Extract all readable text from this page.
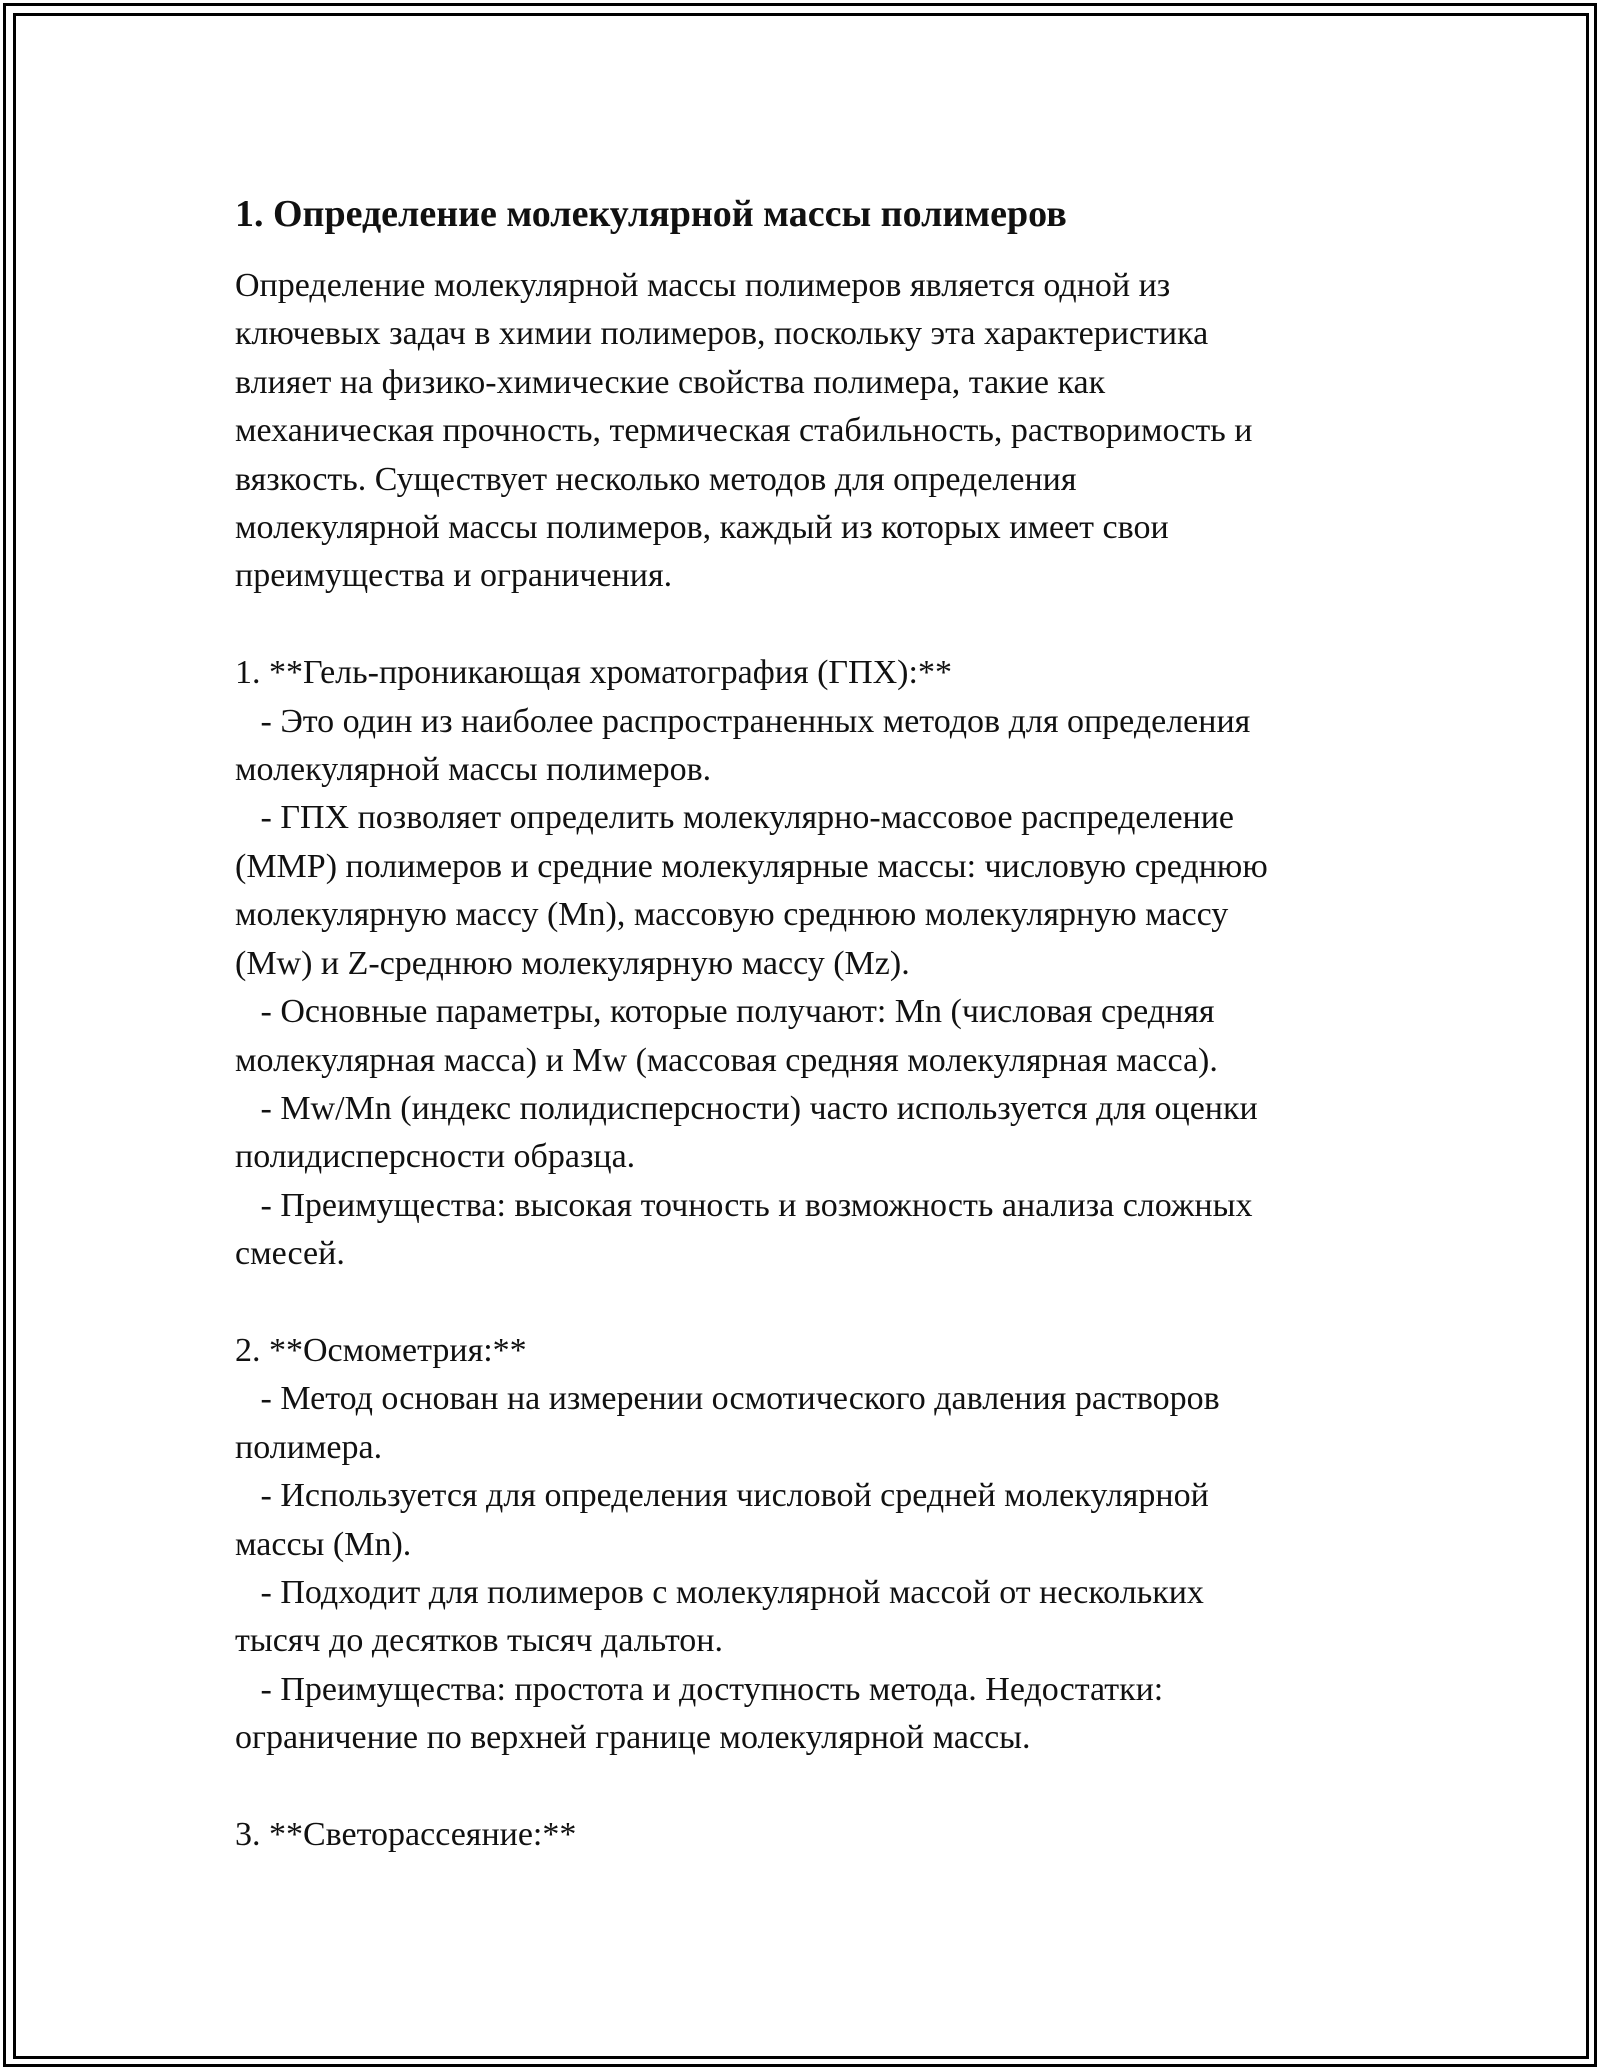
1. Определение молекулярной массы полимеров
Определение молекулярной массы полимеров является одной из
ключевых задач в химии полимеров, поскольку эта характеристика
влияет на физико-химические свойства полимера, такие как
механическая прочность, термическая стабильность, растворимость и
вязкость. Существует несколько методов для определения
молекулярной массы полимеров, каждый из которых имеет свои
преимущества и ограничения.

1. **Гель-проникающая хроматография (ГПХ):**
- Это один из наиболее распространенных методов для определения
молекулярной массы полимеров.
- ГПХ позволяет определить молекулярно-массовое распределение
(ММР) полимеров и средние молекулярные массы: числовую среднюю
молекулярную массу (Mn), массовую среднюю молекулярную массу
(Mw) и Z-среднюю молекулярную массу (Mz).
- Основные параметры, которые получают: Mn (числовая средняя
молекулярная масса) и Mw (массовая средняя молекулярная масса).
- Mw/Mn (индекс полидисперсности) часто используется для оценки
полидисперсности образца.
- Преимущества: высокая точность и возможность анализа сложных
смесей.

2. **Осмометрия:**
- Метод основан на измерении осмотического давления растворов
полимера.
- Используется для определения числовой средней молекулярной
массы (Mn).
- Подходит для полимеров с молекулярной массой от нескольких
тысяч до десятков тысяч дальтон.
- Преимущества: простота и доступность метода. Недостатки:
ограничение по верхней границе молекулярной массы.

3. **Светорассеяние:**
